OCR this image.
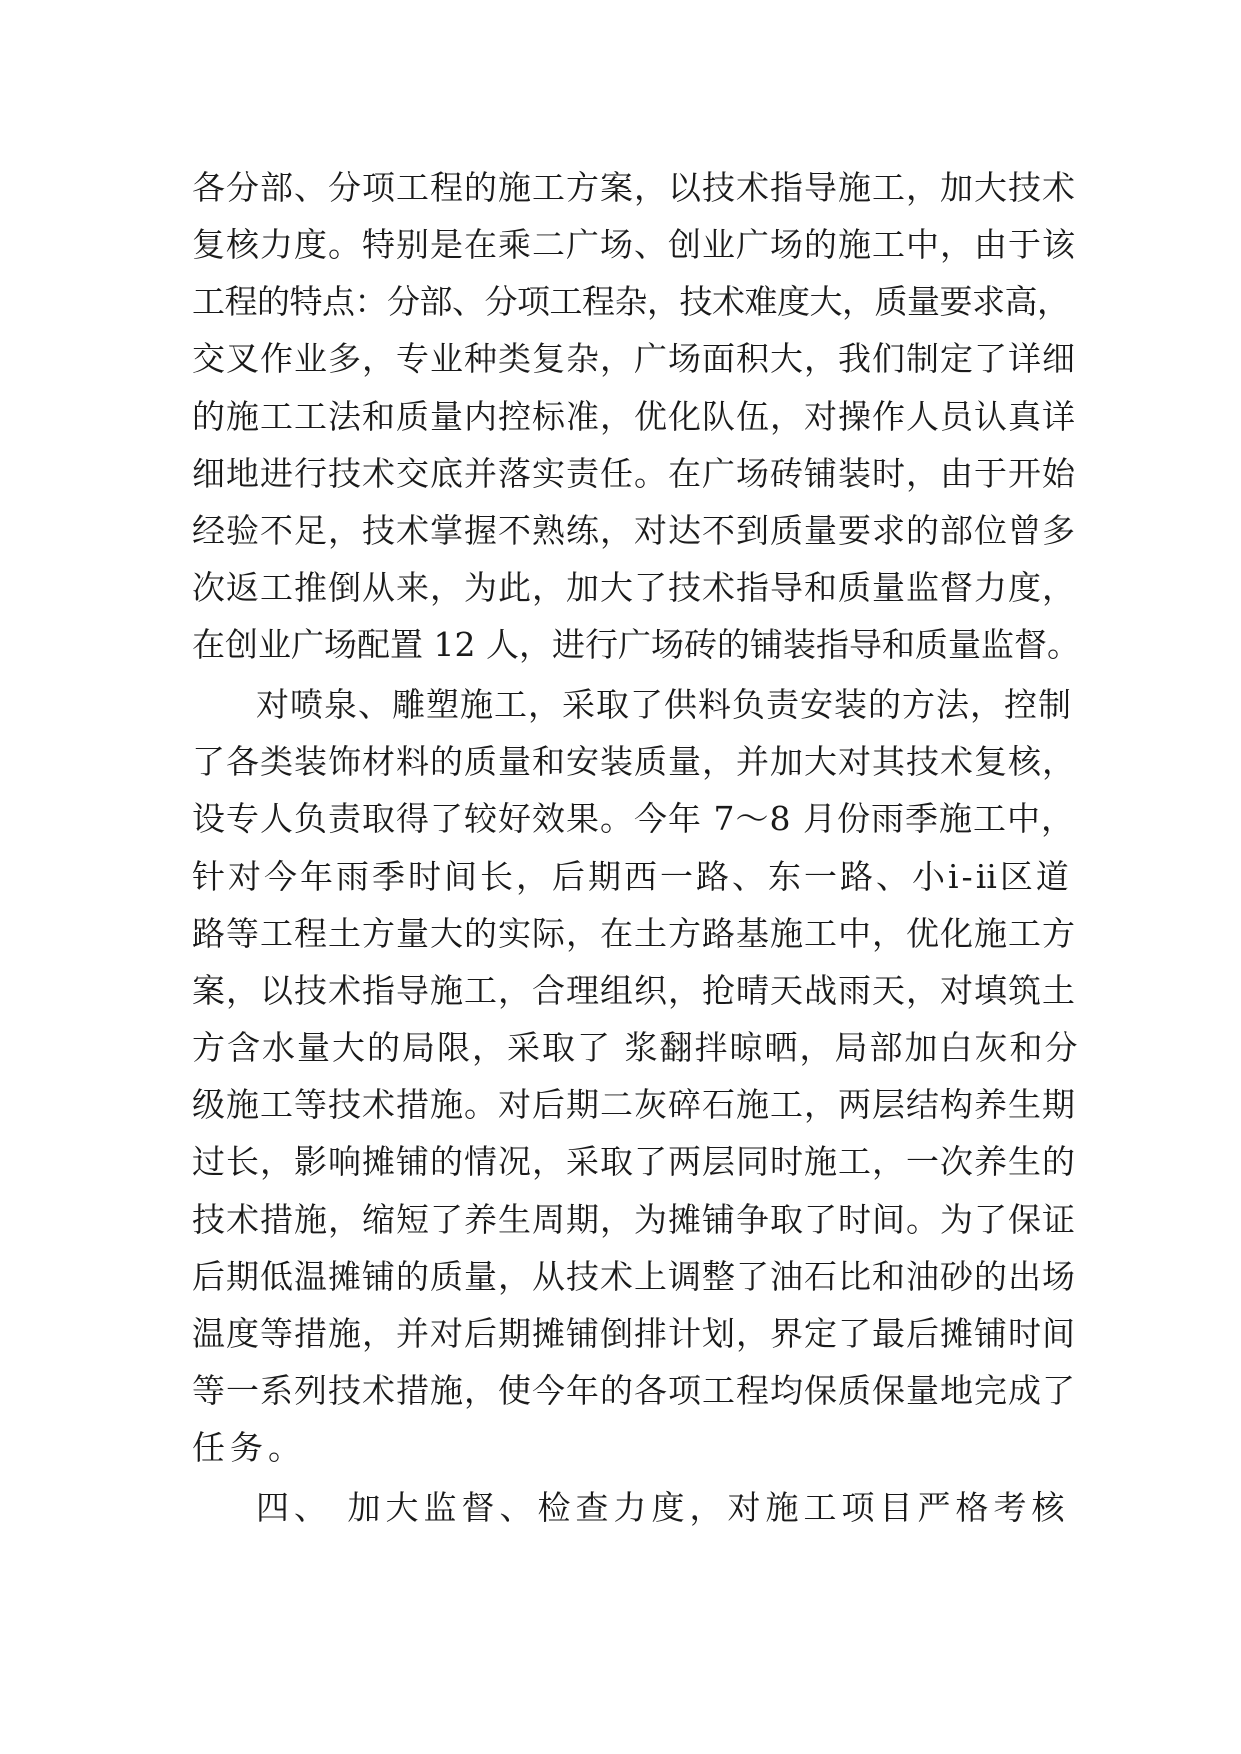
各分部、分项工程的施工方案，以技术指导施工，加大技术
复核力度。特别是在乘二广场、创业广场的施工中，由于该
工程的特点：分部、分项工程杂，技术难度大，质量要求高，
交叉作业多，专业种类复杂，广场面积大，我们制定了详细
的施工工法和质量内控标准，优化队伍，对操作人员认真详
细地进行技术交底并落实责任。在广场砖铺装时，由于开始
经验不足，技术掌握不熟练，对达不到质量要求的部位曾多
次返工推倒从来，为此，加大了技术指导和质量监督力度，
在创业广场配置 12 人，进行广场砖的铺装指导和质量监督。
对喷泉、雕塑施工，采取了供料负责安装的方法，控制
了各类装饰材料的质量和安装质量，并加大对其技术复核，
设专人负责取得了较好效果。今年 7～8 月份雨季施工中，
针对今年雨季时间长，后期西一路、东一路、小ⅰ-ⅱ区道
路等工程土方量大的实际，在土方路基施工中，优化施工方
案，以技术指导施工，合理组织，抢晴天战雨天，对填筑土
方含水量大的局限，采取了 浆翻拌晾晒，局部加白灰和分
级施工等技术措施。对后期二灰碎石施工，两层结构养生期
过长，影响摊铺的情况，采取了两层同时施工，一次养生的
技术措施，缩短了养生周期，为摊铺争取了时间。为了保证
后期低温摊铺的质量，从技术上调整了油石比和油砂的出场
温度等措施，并对后期摊铺倒排计划，界定了最后摊铺时间
等一系列技术措施，使今年的各项工程均保质保量地完成了
任务。
四、 加大监督、检查力度，对施工项目严格考核
